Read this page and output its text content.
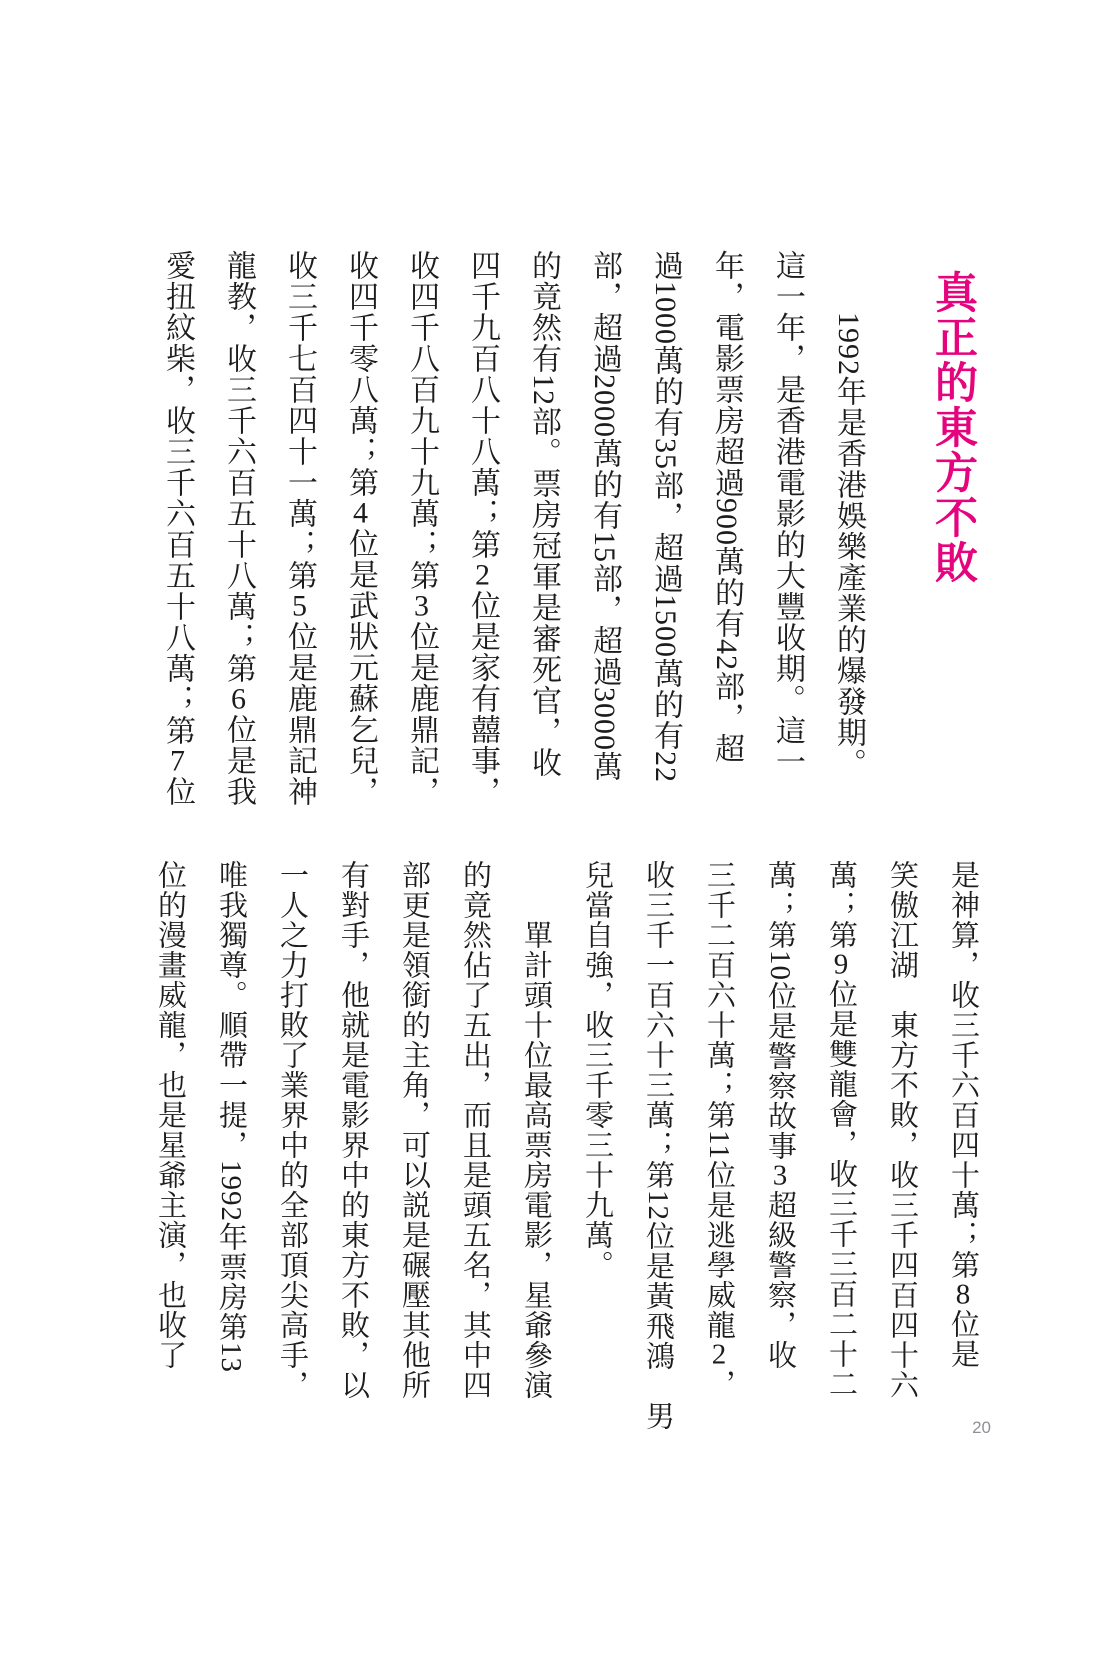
真正的東方不敗
　　1992年是香港娛樂產業的爆發期。
這一年，是香港電影的大豐收期。這一
年，電影票房超過900萬的有42部，超
過1000萬的有35部，超過1500萬的有22
部，超過2000萬的有15部，超過3000萬
的竟然有12部。票房冠軍是審死官，收
四千九百八十八萬；第2位是家有囍事，
收四千八百九十九萬；第3位是鹿鼎記，
收四千零八萬；第4位是武狀元蘇乞兒，
收三千七百四十一萬；第5位是鹿鼎記神
龍教，收三千六百五十八萬；第6位是我
愛扭紋柴，收三千六百五十八萬；第7位
是神算，收三千六百四十萬；第8位是
笑傲江湖　東方不敗，收三千四百四十六
萬；第9位是雙龍會，收三千三百二十二
萬；第10位是警察故事3超級警察，收
三千二百六十萬；第11位是逃學威龍2，
收三千一百六十三萬；第12位是黃飛鴻　男
兒當自強，收三千零三十九萬。
　　單計頭十位最高票房電影，星爺參演
的竟然佔了五出，而且是頭五名，其中四
部更是領銜的主角，可以説是碾壓其他所
有對手，他就是電影界中的東方不敗，以
一人之力打敗了業界中的全部頂尖高手，
唯我獨尊。順帶一提，1992年票房第13
位的漫畫威龍，也是星爺主演，也收了
20
